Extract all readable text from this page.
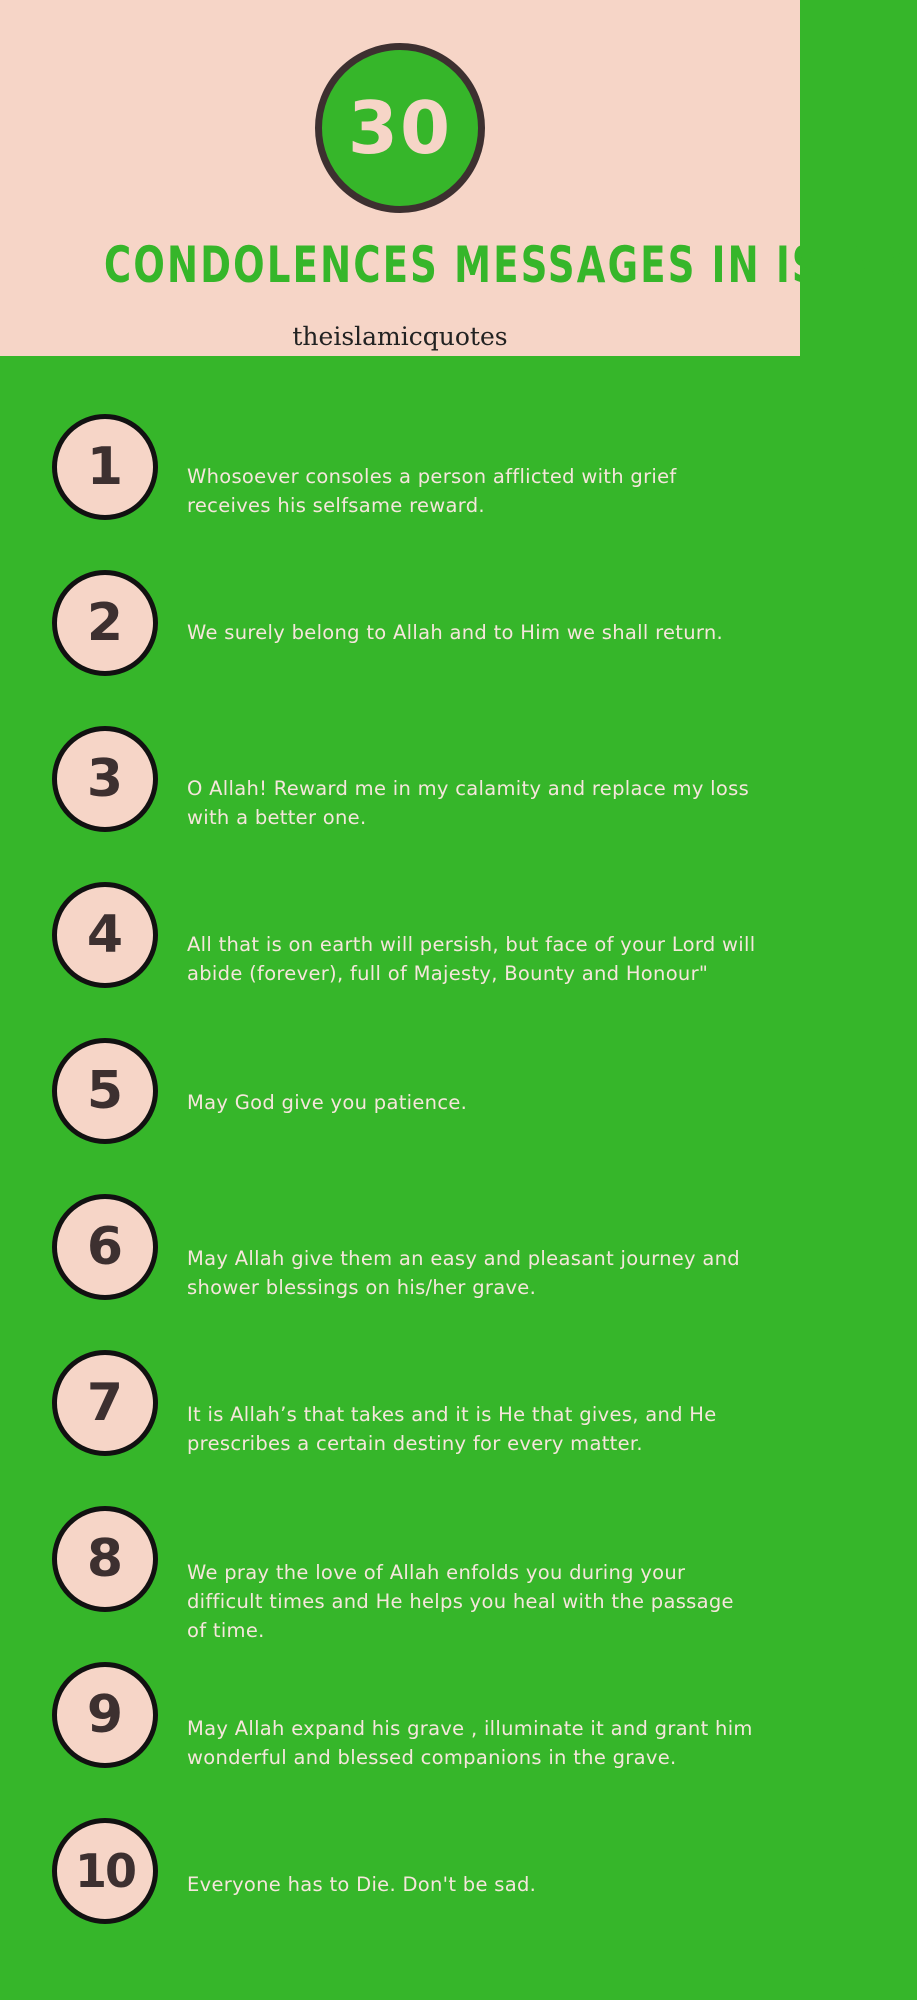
30
CONDOLENCES MESSAGES IN ISLAM
theislamicquotes
1	Whosoever consoles a person afflicted with grief receives his selfsame reward.
2	We surely belong to Allah and to Him we shall return.
3	O Allah! Reward me in my calamity and replace my loss with a better one.
4	All that is on earth will persish, but face of your Lord will abide (forever), full of Majesty, Bounty and Honour"
5	May God give you patience.
6	May Allah give them an easy and pleasant journey and shower blessings on his/her grave.
7	It is Allah’s that takes and it is He that gives, and He prescribes a certain destiny for every matter.
8	We pray the love of Allah enfolds you during your difficult times and He helps you heal with the passage of time.
9	May Allah expand his grave , illuminate it and grant him wonderful and blessed companions in the grave.
10	Everyone has to Die. Don't be sad.
